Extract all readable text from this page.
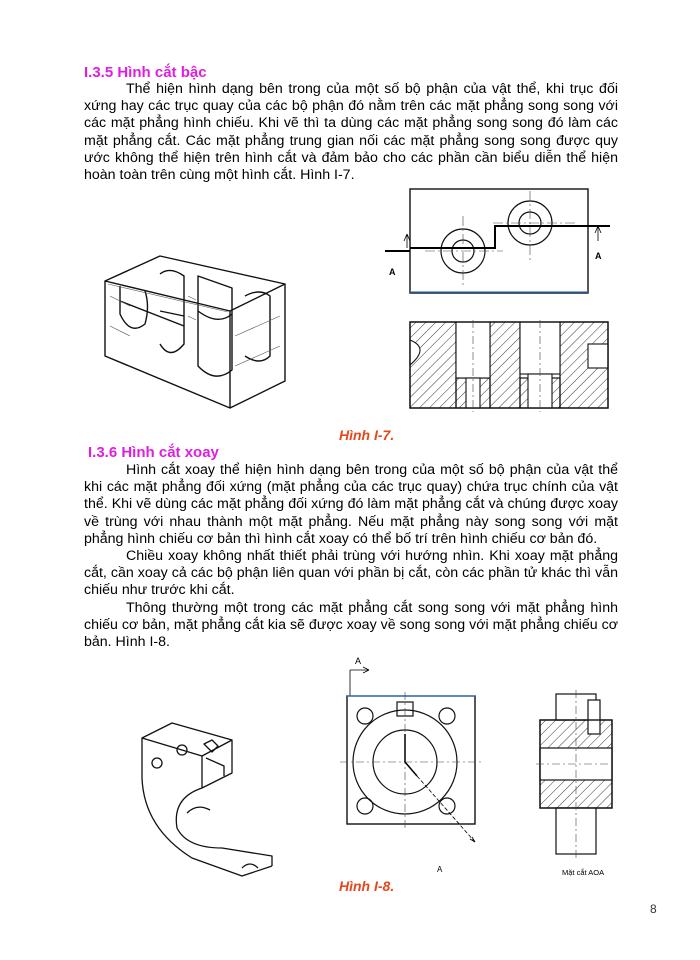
I.3.5 Hình cắt bậc
Thể hiện hình dạng bên trong của một số bộ phận của vật thể, khi trục đối xứng hay các trục quay của các bộ phận đó nằm trên các mặt phẳng song song với các mặt phẳng hình chiếu. Khi vẽ thì ta dùng các mặt phẳng song song đó làm các mặt phẳng cắt. Các mặt phẳng trung gian nối các mặt phẳng song song được quy ước không thể hiện trên hình cắt và đảm bảo cho các phần cần biểu diễn thể hiện hoàn toàn trên cùng một hình cắt. Hình I-7.
A
A
Hình I-7.
I.3.6 Hình cắt xoay
Hình cắt xoay thể hiện hình dạng bên trong của một số bộ phận của vật thể khi các mặt phẳng đối xứng (mặt phẳng của các trục quay) chứa trục chính của vật thể. Khi vẽ dùng các mặt phẳng đối xứng đó làm mặt phẳng cắt và chúng được xoay về trùng với nhau thành một mặt phẳng. Nếu mặt phẳng này song song với mặt phẳng hình chiếu cơ bản thì hình cắt xoay có thể bố trí trên hình chiếu cơ bản đó.
Chiều xoay không nhất thiết phải trùng với hướng nhìn. Khi xoay mặt phẳng cắt, cần xoay cả các bộ phận liên quan với phần bị cắt, còn các phần tử khác thì vẫn chiếu như trước khi cắt.
Thông thường một trong các mặt phẳng cắt song song với mặt phẳng hình chiếu cơ bản, mặt phẳng cắt kia sẽ được xoay về song song với mặt phẳng chiếu cơ bản. Hình I-8.
A
A	Mặt cắt AOA
Hình I-8.
8
